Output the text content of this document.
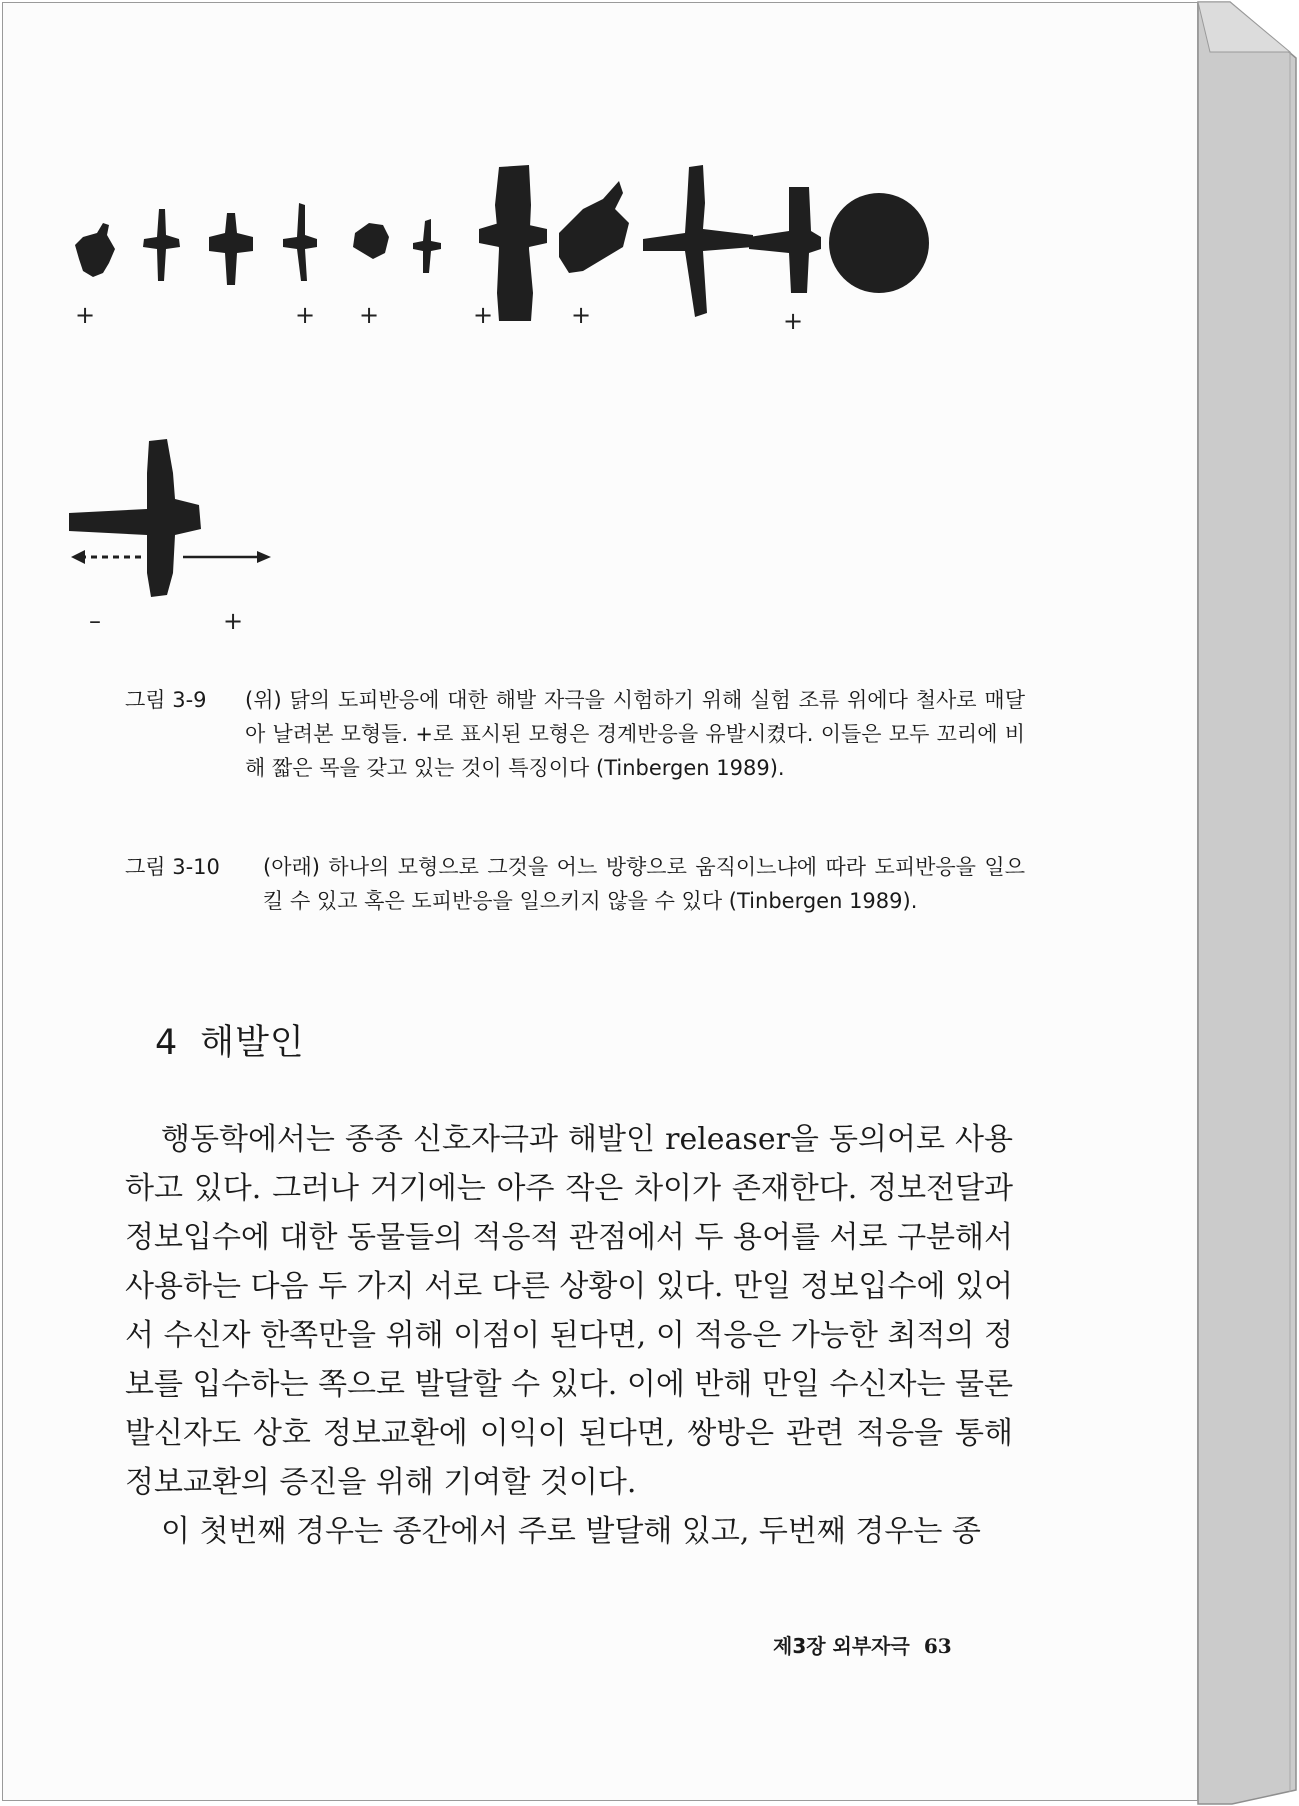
+	+ +	+	+	+
–	+
그림 3-9 (위) 닭의 도피반응에 대한 해발 자극을 시험하기 위해 실험 조류 위에다 철사로 매달아 날려본 모형들. +로 표시된 모형은 경계반응을 유발시켰다. 이들은 모두 꼬리에 비해 짧은 목을 갖고 있는 것이 특징이다 (Tinbergen 1989).
그림 3-10 (아래) 하나의 모형으로 그것을 어느 방향으로 움직이느냐에 따라 도피반응을 일으킬 수 있고 혹은 도피반응을 일으키지 않을 수 있다 (Tinbergen 1989).
4 해발인

행동학에서는 종종 신호자극과 해발인 releaser을 동의어로 사용하고 있다. 그러나 거기에는 아주 작은 차이가 존재한다. 정보전달과 정보입수에 대한 동물들의 적응적 관점에서 두 용어를 서로 구분해서 사용하는 다음 두 가지 서로 다른 상황이 있다. 만일 정보입수에 있어서 수신자 한쪽만을 위해 이점이 된다면, 이 적응은 가능한 최적의 정보를 입수하는 쪽으로 발달할 수 있다. 이에 반해 만일 수신자는 물론 발신자도 상호 정보교환에 이익이 된다면, 쌍방은 관련 적응을 통해 정보교환의 증진을 위해 기여할 것이다.

이 첫번째 경우는 종간에서 주로 발달해 있고, 두번째 경우는 종

제3장 외부자극 63
